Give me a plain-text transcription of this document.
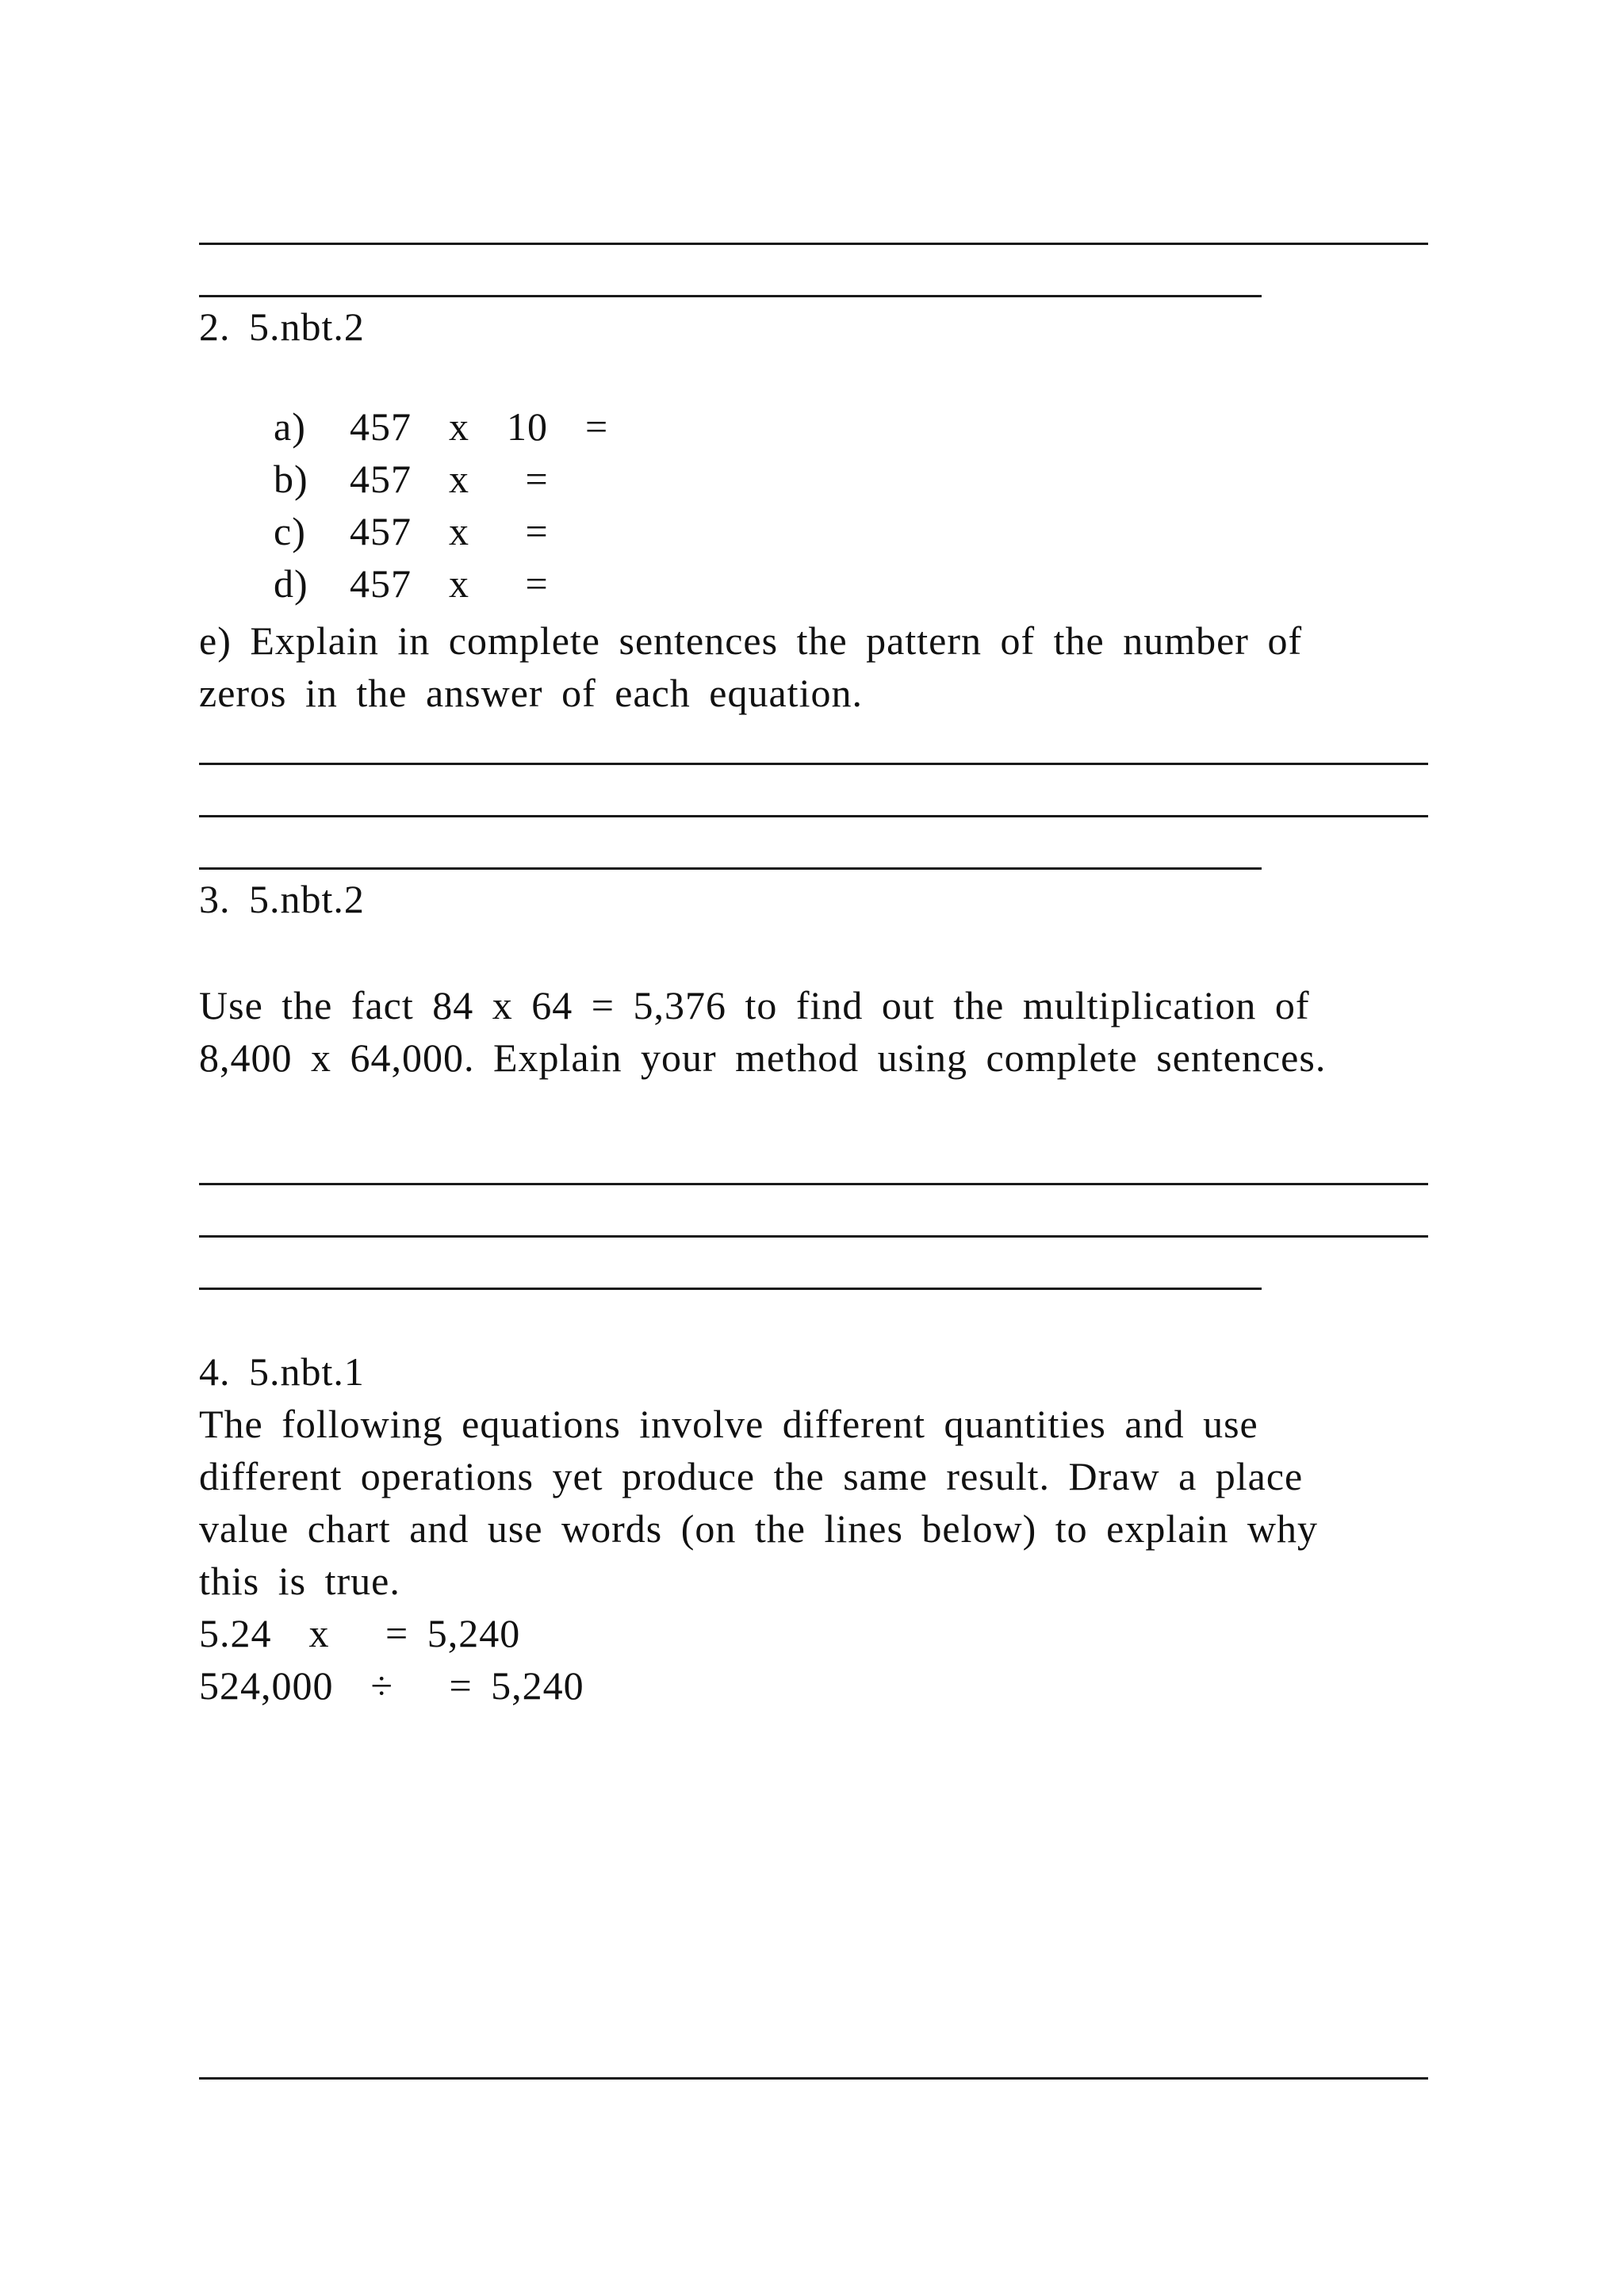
2. 5.nbt.2

a) 457  x  10  =

b) 457  x   =

c) 457  x   =

d) 457  x   =

e) Explain in complete sentences the pattern of the number of
zeros in the answer of each equation.
3. 5.nbt.2
Use the fact 84 x 64 = 5,376 to find out the multiplication of
8,400 x 64,000. Explain your method using complete sentences.
4. 5.nbt.1
The following equations involve different quantities and use
different operations yet produce the same result. Draw a place
value chart and use words (on the lines below) to explain why
this is true.
5.24  x   = 5,240
524,000  ÷   = 5,240
